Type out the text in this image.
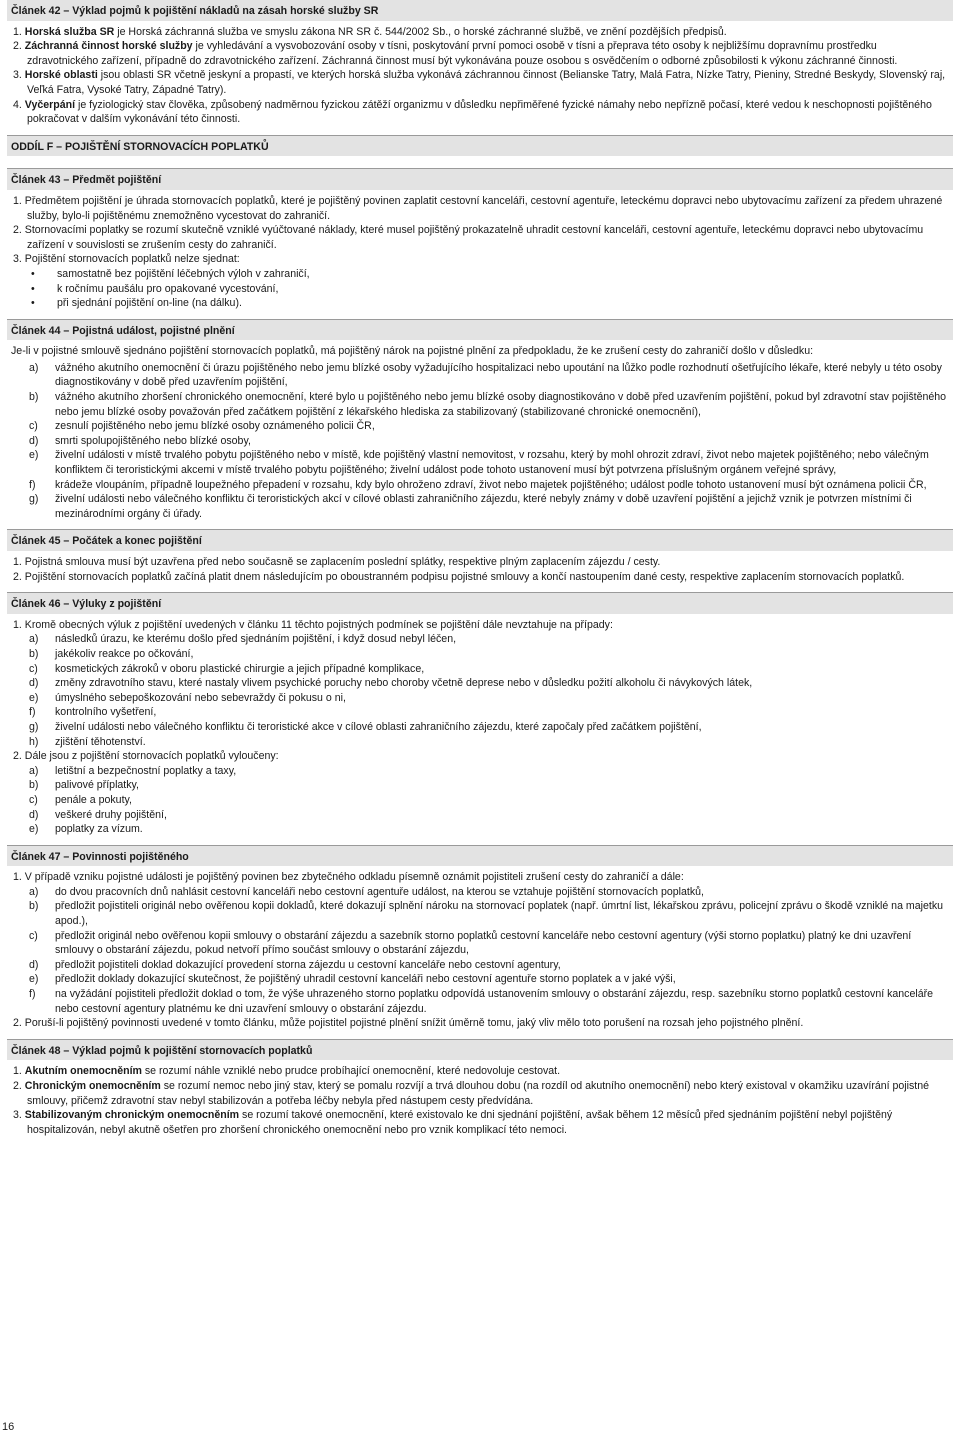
Článek 42 – Výklad pojmů k pojištění nákladů na zásah horské služby SR
1. Horská služba SR je Horská záchranná služba ve smyslu zákona NR SR č. 544/2002 Sb., o horské záchranné službě, ve znění pozdějších předpisů.
2. Záchranná činnost horské služby je vyhledávání a vysvobozování osoby v tísni, poskytování první pomoci osobě v tísni a přeprava této osoby k nejbližšímu dopravnímu prostředku zdravotnického zařízení, případně do zdravotnického zařízení. Záchranná činnost musí být vykonávána pouze osobou s osvědčením o odborné způsobilosti k výkonu záchranné činnosti.
3. Horské oblasti jsou oblasti SR včetně jeskyní a propastí, ve kterých horská služba vykonává záchrannou činnost (Belianske Tatry, Malá Fatra, Nízke Tatry, Pieniny, Stredné Beskydy, Slovenský raj, Veľká Fatra, Vysoké Tatry, Západné Tatry).
4. Vyčerpání je fyziologický stav člověka, způsobený nadměrnou fyzickou zátěží organizmu v důsledku nepřiměřené fyzické námahy nebo nepřízně počasí, které vedou k neschopnosti pojištěného pokračovat v dalším vykonávání této činnosti.
ODDÍL F – POJIŠTĚNÍ STORNOVACÍCH POPLATKŮ
Článek 43 – Předmět pojištění
1. Předmětem pojištění je úhrada stornovacích poplatků, které je pojištěný povinen zaplatit cestovní kanceláři, cestovní agentuře, leteckému dopravci nebo ubytovacímu zařízení za předem uhrazené služby, bylo-li pojištěnému znemožněno vycestovat do zahraničí.
2. Stornovacími poplatky se rozumí skutečně vzniklé vyúčtované náklady, které musel pojištěný prokazatelně uhradit cestovní kanceláři, cestovní agentuře, leteckému dopravci nebo ubytovacímu zařízení v souvislosti se zrušením cesty do zahraničí.
3. Pojištění stornovacích poplatků nelze sjednat:
• samostatně bez pojištění léčebných výloh v zahraničí,
• k ročnímu paušálu pro opakované vycestování,
• při sjednání pojištění on-line (na dálku).
Článek 44 – Pojistná událost, pojistné plnění
Je-li v pojistné smlouvě sjednáno pojištění stornovacích poplatků, má pojištěný nárok na pojistné plnění za předpokladu, že ke zrušení cesty do zahraničí došlo v důsledku:
a) vážného akutního onemocnění či úrazu pojištěného nebo jemu blízké osoby vyžadujícího hospitalizaci nebo upoutání na lůžko podle rozhodnutí ošetřujícího lékaře, které nebyly u této osoby diagnostikovány v době před uzavřením pojištění,
b) vážného akutního zhoršení chronického onemocnění, které bylo u pojištěného nebo jemu blízké osoby diagnostikováno v době před uzavřením pojištění, pokud byl zdravotní stav pojištěného nebo jemu blízké osoby považován před začátkem pojištění z lékařského hlediska za stabilizovaný (stabilizované chronické onemocnění),
c) zesnulí pojištěného nebo jemu blízké osoby oznámeného policii ČR,
d) smrti spolupojištěného nebo blízké osoby,
e) živelní události v místě trvalého pobytu pojištěného nebo v místě, kde pojištěný vlastní nemovitost, v rozsahu, který by mohl ohrozit zdraví, život nebo majetek pojištěného; nebo válečným konfliktem či teroristickými akcemi v místě trvalého pobytu pojištěného; živelní událost pode tohoto ustanovení musí být potvrzena příslušným orgánem veřejné správy,
f) krádeže vloupáním, případně loupežného přepadení v rozsahu, kdy bylo ohroženo zdraví, život nebo majetek pojištěného; událost podle tohoto ustanovení musí být oznámena policii ČR,
g) živelní události nebo válečného konfliktu či teroristických akcí v cílové oblasti zahraničního zájezdu, které nebyly známy v době uzavření pojištění a jejichž vznik je potvrzen místními či mezinárodními orgány či úřady.
Článek 45 – Počátek a konec pojištění
1. Pojistná smlouva musí být uzavřena před nebo současně se zaplacením poslední splátky, respektive plným zaplacením zájezdu / cesty.
2. Pojištění stornovacích poplatků začíná platit dnem následujícím po oboustranném podpisu pojistné smlouvy a končí nastoupením dané cesty, respektive zaplacením stornovacích poplatků.
Článek 46 – Výluky z pojištění
1. Kromě obecných výluk z pojištění uvedených v článku 11 těchto pojistných podmínek se pojištění dále nevztahuje na případy:
a) následků úrazu, ke kterému došlo před sjednáním pojištění, i když dosud nebyl léčen,
b) jakékoliv reakce po očkování,
c) kosmetických zákroků v oboru plastické chirurgie a jejich případné komplikace,
d) změny zdravotního stavu, které nastaly vlivem psychické poruchy nebo choroby včetně deprese nebo v důsledku požití alkoholu či návykových látek,
e) úmyslného sebepoškozování nebo sebevraždy či pokusu o ni,
f) kontrolního vyšetření,
g) živelní události nebo válečného konfliktu či teroristické akce v cílové oblasti zahraničního zájezdu, které započaly před začátkem pojištění,
h) zjištění těhotenství.
2. Dále jsou z pojištění stornovacích poplatků vyloučeny:
a) letištní a bezpečnostní poplatky a taxy,
b) palivové příplatky,
c) penále a pokuty,
d) veškeré druhy pojištění,
e) poplatky za vízum.
Článek 47 – Povinnosti pojištěného
1. V případě vzniku pojistné události je pojištěný povinen bez zbytečného odkladu písemně oznámit pojistiteli zrušení cesty do zahraničí a dále:
a) do dvou pracovních dnů nahlásit cestovní kanceláři nebo cestovní agentuře událost, na kterou se vztahuje pojištění stornovacích poplatků,
b) předložit pojistiteli originál nebo ověřenou kopii dokladů, které dokazují splnění nároku na stornovací poplatek (např. úmrtní list, lékařskou zprávu, policejní zprávu o škodě vzniklé na majetku apod.),
c) předložit originál nebo ověřenou kopii smlouvy o obstarání zájezdu a sazebník storno poplatků cestovní kanceláře nebo cestovní agentury (výši storno poplatku) platný ke dni uzavření smlouvy o obstarání zájezdu, pokud netvoří přímo součást smlouvy o obstarání zájezdu,
d) předložit pojistiteli doklad dokazující provedení storna zájezdu u cestovní kanceláře nebo cestovní agentury,
e) předložit doklady dokazující skutečnost, že pojištěný uhradil cestovní kanceláři nebo cestovní agentuře storno poplatek a v jaké výši,
f) na vyžádání pojistiteli předložit doklad o tom, že výše uhrazeného storno poplatku odpovídá ustanovením smlouvy o obstarání zájezdu, resp. sazebníku storno poplatků cestovní kanceláře nebo cestovní agentury platnému ke dni uzavření smlouvy o obstarání zájezdu.
2. Poruší-li pojištěný povinnosti uvedené v tomto článku, může pojistitel pojistné plnění snížit úměrně tomu, jaký vliv mělo toto porušení na rozsah jeho pojistného plnění.
Článek 48 – Výklad pojmů k pojištění stornovacích poplatků
1. Akutním onemocněním se rozumí náhle vzniklé nebo prudce probíhající onemocnění, které nedovoluje cestovat.
2. Chronickým onemocněním se rozumí nemoc nebo jiný stav, který se pomalu rozvíjí a trvá dlouhou dobu (na rozdíl od akutního onemocnění) nebo který existoval v okamžiku uzavírání pojistné smlouvy, přičemž zdravotní stav nebyl stabilizován a potřeba léčby nebyla před nástupem cesty předvídána.
3. Stabilizovaným chronickým onemocněním se rozumí takové onemocnění, které existovalo ke dni sjednání pojištění, avšak během 12 měsíců před sjednáním pojištění nebyl pojištěný hospitalizován, nebyl akutně ošetřen pro zhoršení chronického onemocnění nebo pro vznik komplikací této nemoci.
16
